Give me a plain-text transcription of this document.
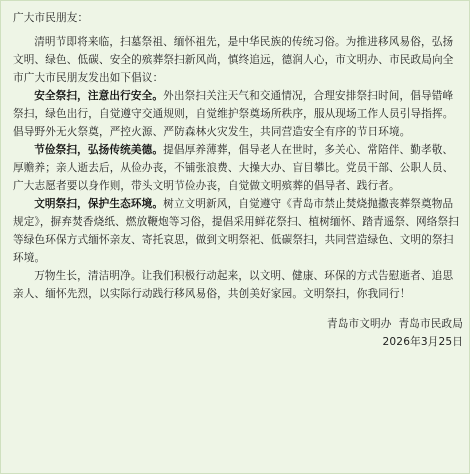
广大市民朋友：

清明节即将来临，扫墓祭祖、缅怀祖先，是中华民族的传统习俗。为推进移风易俗，弘扬文明、绿色、低碳、安全的殡葬祭扫新风尚，慎终追远，德润人心，市文明办、市民政局向全市广大市民朋友发出如下倡议：

安全祭扫，注意出行安全。外出祭扫关注天气和交通情况，合理安排祭扫时间，倡导错峰祭扫，绿色出行，自觉遵守交通规则，自觉维护祭奠场所秩序，服从现场工作人员引导指挥。倡导野外无火祭奠，严控火源、严防森林火灾发生，共同营造安全有序的节日环境。

节俭祭扫，弘扬传统美德。提倡厚养薄葬，倡导老人在世时，多关心、常陪伴、勤孝敬、厚赡养；亲人逝去后，从俭办丧，不铺张浪费、大操大办、盲目攀比。党员干部、公职人员、广大志愿者要以身作则，带头文明节俭办丧，自觉做文明殡葬的倡导者、践行者。

文明祭扫，保护生态环境。树立文明新风，自觉遵守《青岛市禁止焚烧抛撒丧葬祭奠物品规定》，摒弃焚香烧纸、燃放鞭炮等习俗，提倡采用鲜花祭扫、植树缅怀、踏青遥祭、网络祭扫等绿色环保方式缅怀亲友、寄托哀思，做到文明祭祀、低碳祭扫，共同营造绿色、文明的祭扫环境。

万物生长，清洁明净。让我们积极行动起来，以文明、健康、环保的方式告慰逝者、追思亲人、缅怀先烈，以实际行动践行移风易俗，共创美好家园。文明祭扫，你我同行！

青岛市文明办  青岛市民政局

2026年3月25日
